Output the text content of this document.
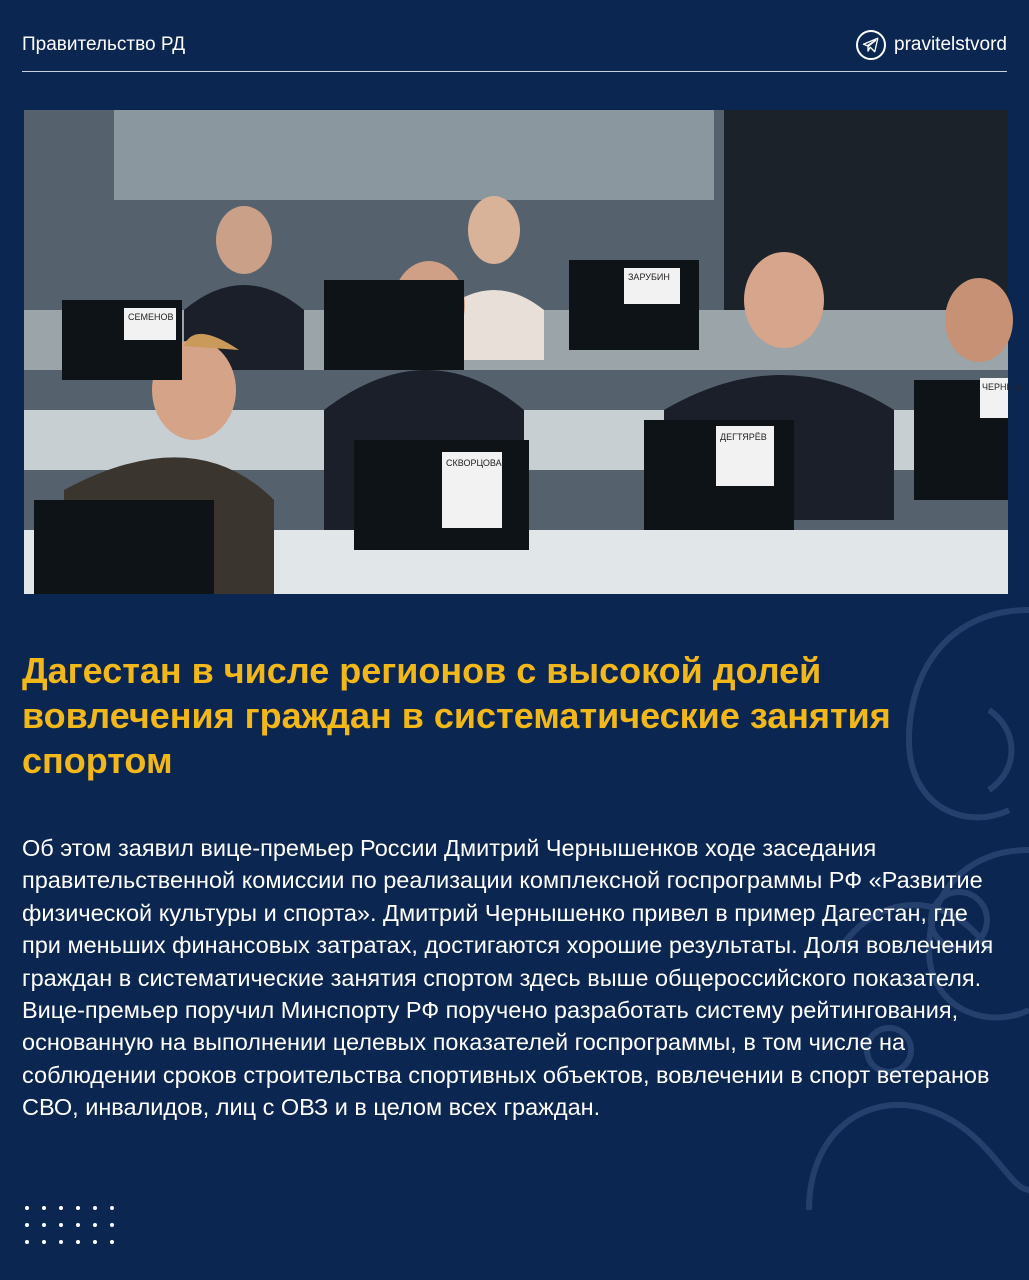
Правительство РД	pravitelstvord
СЕМЕНОВ
ЗАРУБИН
СКВОРЦОВА
ДЕГТЯРЁВ
ЧЕРНЫШ
Дагестан в числе регионов с высокой долей вовлечения граждан в систематические занятия спортом

Об этом заявил вице-премьер России Дмитрий Чернышенков ходе заседания правительственной комиссии по реализации комплексной госпрограммы РФ «Развитие физической культуры и спорта». Дмитрий Чернышенко привел в пример Дагестан, где при меньших финансовых затратах, достигаются хорошие результаты. Доля вовлечения граждан в систематические занятия спортом здесь выше общероссийского показателя. Вице-премьер поручил Минспорту РФ поручено разработать систему рейтингования, основанную на выполнении целевых показателей госпрограммы, в том числе на соблюдении сроков строительства спортивных объектов, вовлечении в спорт ветеранов СВО, инвалидов, лиц с ОВЗ и в целом всех граждан.
